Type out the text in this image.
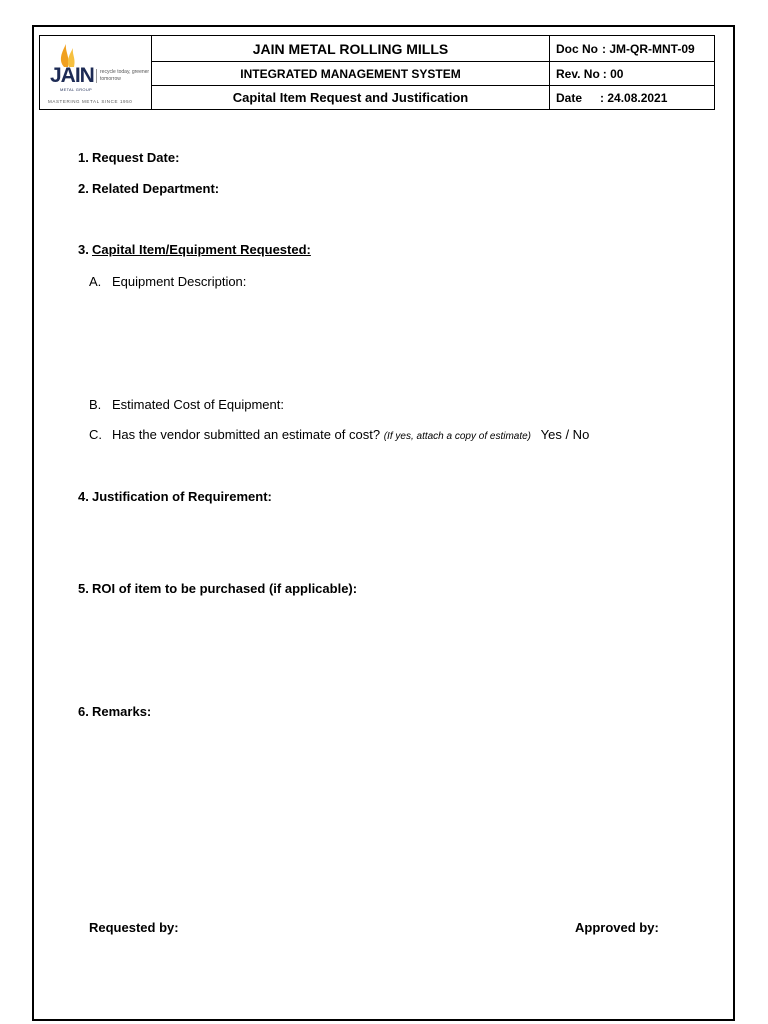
JAIN
METAL GROUP
recycle today, greener tomorrow
MASTERING METAL SINCE 1950
JAIN METAL ROLLING MILLS
INTEGRATED MANAGEMENT SYSTEM
Capital Item Request and Justification
Doc No : JM-QR-MNT-09
Rev. No : 00
Date : 24.08.2021
1. Request Date:
2. Related Department:
3. Capital Item/Equipment Requested:
A. Equipment Description:
B. Estimated Cost of Equipment:
C. Has the vendor submitted an estimate of cost? (If yes, attach a copy of estimate) Yes / No
4. Justification of Requirement:
5. ROI of item to be purchased (if applicable):
6. Remarks:
Requested by:	Approved by:
